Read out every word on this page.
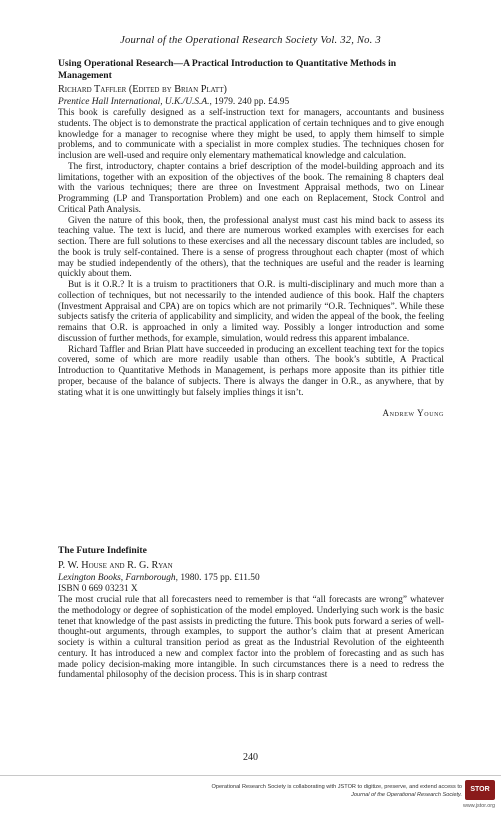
Journal of the Operational Research Society Vol. 32, No. 3

Using Operational Research—A Practical Introduction to Quantitative Methods in Management

Richard Taffler (Edited by Brian Platt)
Prentice Hall International, U.K./U.S.A., 1979. 240 pp. £4.95

This book is carefully designed as a self-instruction text for managers, accountants and business students. The object is to demonstrate the practical application of certain techniques and to give enough knowledge for a manager to recognise where they might be used, to apply them himself to simple problems, and to communicate with a specialist in more complex studies. The techniques chosen for inclusion are well-used and require only elementary mathematical knowledge and calculation.

The first, introductory, chapter contains a brief description of the model-building approach and its limitations, together with an exposition of the objectives of the book. The remaining 8 chapters deal with the various techniques; there are three on Investment Appraisal methods, two on Linear Programming (LP and Transportation Problem) and one each on Replacement, Stock Control and Critical Path Analysis.

Given the nature of this book, then, the professional analyst must cast his mind back to assess its teaching value. The text is lucid, and there are numerous worked examples with exercises for each section. There are full solutions to these exercises and all the necessary discount tables are included, so the book is truly self-contained. There is a sense of progress throughout each chapter (most of which may be studied independently of the others), that the techniques are useful and the reader is learning quickly about them.

But is it O.R.? It is a truism to practitioners that O.R. is multi-disciplinary and much more than a collection of techniques, but not necessarily to the intended audience of this book. Half the chapters (Investment Appraisal and CPA) are on topics which are not primarily “O.R. Techniques”. While these subjects satisfy the criteria of applicability and simplicity, and widen the appeal of the book, the feeling remains that O.R. is approached in only a limited way. Possibly a longer introduction and some discussion of further methods, for example, simulation, would redress this apparent imbalance.

Richard Taffler and Brian Platt have succeeded in producing an excellent teaching text for the topics covered, some of which are more readily usable than others. The book’s subtitle, A Practical Introduction to Quantitative Methods in Management, is perhaps more apposite than its pithier title proper, because of the balance of subjects. There is always the danger in O.R., as anywhere, that by stating what it is one unwittingly but falsely implies things it isn’t.

Andrew Young

The Future Indefinite

P. W. House and R. G. Ryan
Lexington Books, Farnborough, 1980. 175 pp. £11.50
ISBN 0 669 03231 X

The most crucial rule that all forecasters need to remember is that “all forecasts are wrong” whatever the methodology or degree of sophistication of the model employed. Underlying such work is the basic tenet that knowledge of the past assists in predicting the future. This book puts forward a series of well-thought-out arguments, through examples, to support the author’s claim that at present American society is within a cultural transition period as great as the Industrial Revolution of the eighteenth century. It has introduced a new and complex factor into the problem of forecasting and as such has made policy decision-making more intangible. In such circumstances there is a need to redress the fundamental philosophy of the decision process. This is in sharp contrast

240
Operational Research Society is collaborating with JSTOR to digitize, preserve, and extend access to
Journal of the Operational Research Society.
STOR
www.jstor.org
